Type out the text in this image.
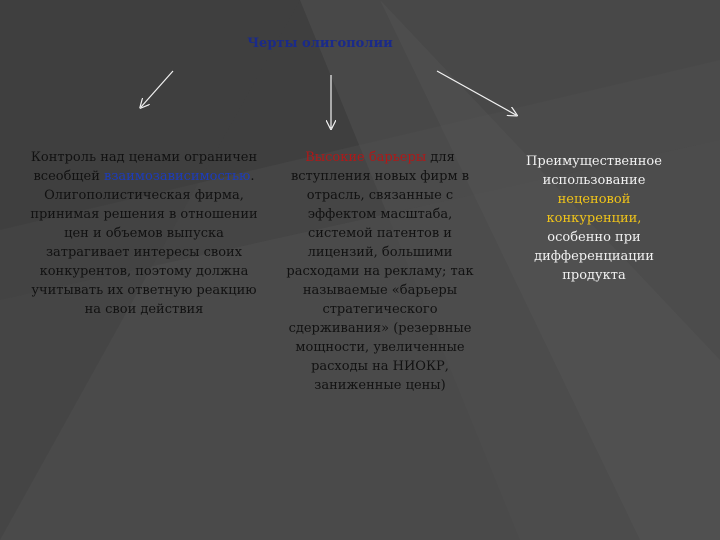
Черты олигополии
Контроль над ценами ограничен всеобщей взаимозависимостью. Олигополистическая фирма, принимая решения в отношении цен и объемов выпуска затрагивает интересы своих конкурентов, поэтому должна учитывать их ответную реакцию на свои действия
Высокие барьеры для вступления новых фирм в отрасль, связанные с эффектом масштаба, системой патентов и лицензий, большими расходами на рекламу; так называемые «барьеры стратегического сдерживания» (резервные мощности, увеличенные расходы на НИОКР, заниженные цены)
Преимущественное использование неценовой конкуренции, особенно при дифференциации продукта
